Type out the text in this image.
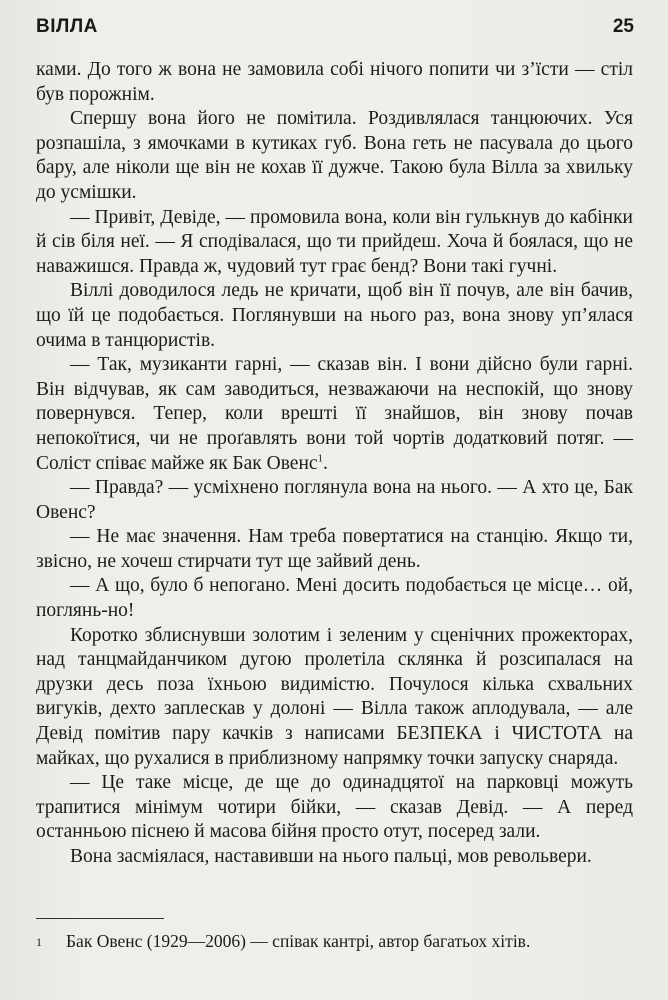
ВІЛЛА	25

ками. До того ж вона не замовила собі нічого попити чи з’їсти — стіл був порожнім.

Спершу вона його не помітила. Роздивлялася танцюючих. Уся розпашіла, з ямочками в кутиках губ. Вона геть не пасувала до цього бару, але ніколи ще він не кохав її дужче. Такою була Вілла за хвильку до усмішки.

— Привіт, Девіде, — промовила вона, коли він гулькнув до кабінки й сів біля неї. — Я сподівалася, що ти прийдеш. Хоча й боялася, що не наважишся. Правда ж, чудовий тут грає бенд? Вони такі гучні.

Віллі доводилося ледь не кричати, щоб він її почув, але він бачив, що їй це подобається. Поглянувши на нього раз, вона знову уп’ялася очима в танцюристів.

— Так, музиканти гарні, — сказав він. І вони дійсно були гарні. Він відчував, як сам заводиться, незважаючи на неспокій, що знову повернувся. Тепер, коли врешті її знайшов, він знову почав непокоїтися, чи не проґавлять вони той чортів додатковий потяг. — Соліст співає майже як Бак Овенс$^1$.

— Правда? — усміхнено поглянула вона на нього. — А хто це, Бак Овенс?

— Не має значення. Нам треба повертатися на станцію. Якщо ти, звісно, не хочеш стирчати тут ще зайвий день.

— А що, було б непогано. Мені досить подобається це місце… ой, поглянь-но!

Коротко зблиснувши золотим і зеленим у сценічних прожекторах, над танцмайданчиком дугою пролетіла склянка й розсипалася на друзки десь поза їхньою видимістю. Почулося кілька схвальних вигуків, дехто заплескав у долоні — Вілла також аплодувала, — але Девід помітив пару качків з написами БЕЗПЕКА і ЧИСТОТА на майках, що рухалися в приблизному напрямку точки запуску снаряда.

— Це таке місце, де ще до одинадцятої на парковці можуть трапитися мінімум чотири бійки, — сказав Девід. — А перед останньою піснею й масова бійня просто отут, посеред зали.

Вона засміялася, наставивши на нього пальці, мов револьвери.

1 Бак Овенс (1929—2006) — співак кантрі, автор багатьох хітів.
